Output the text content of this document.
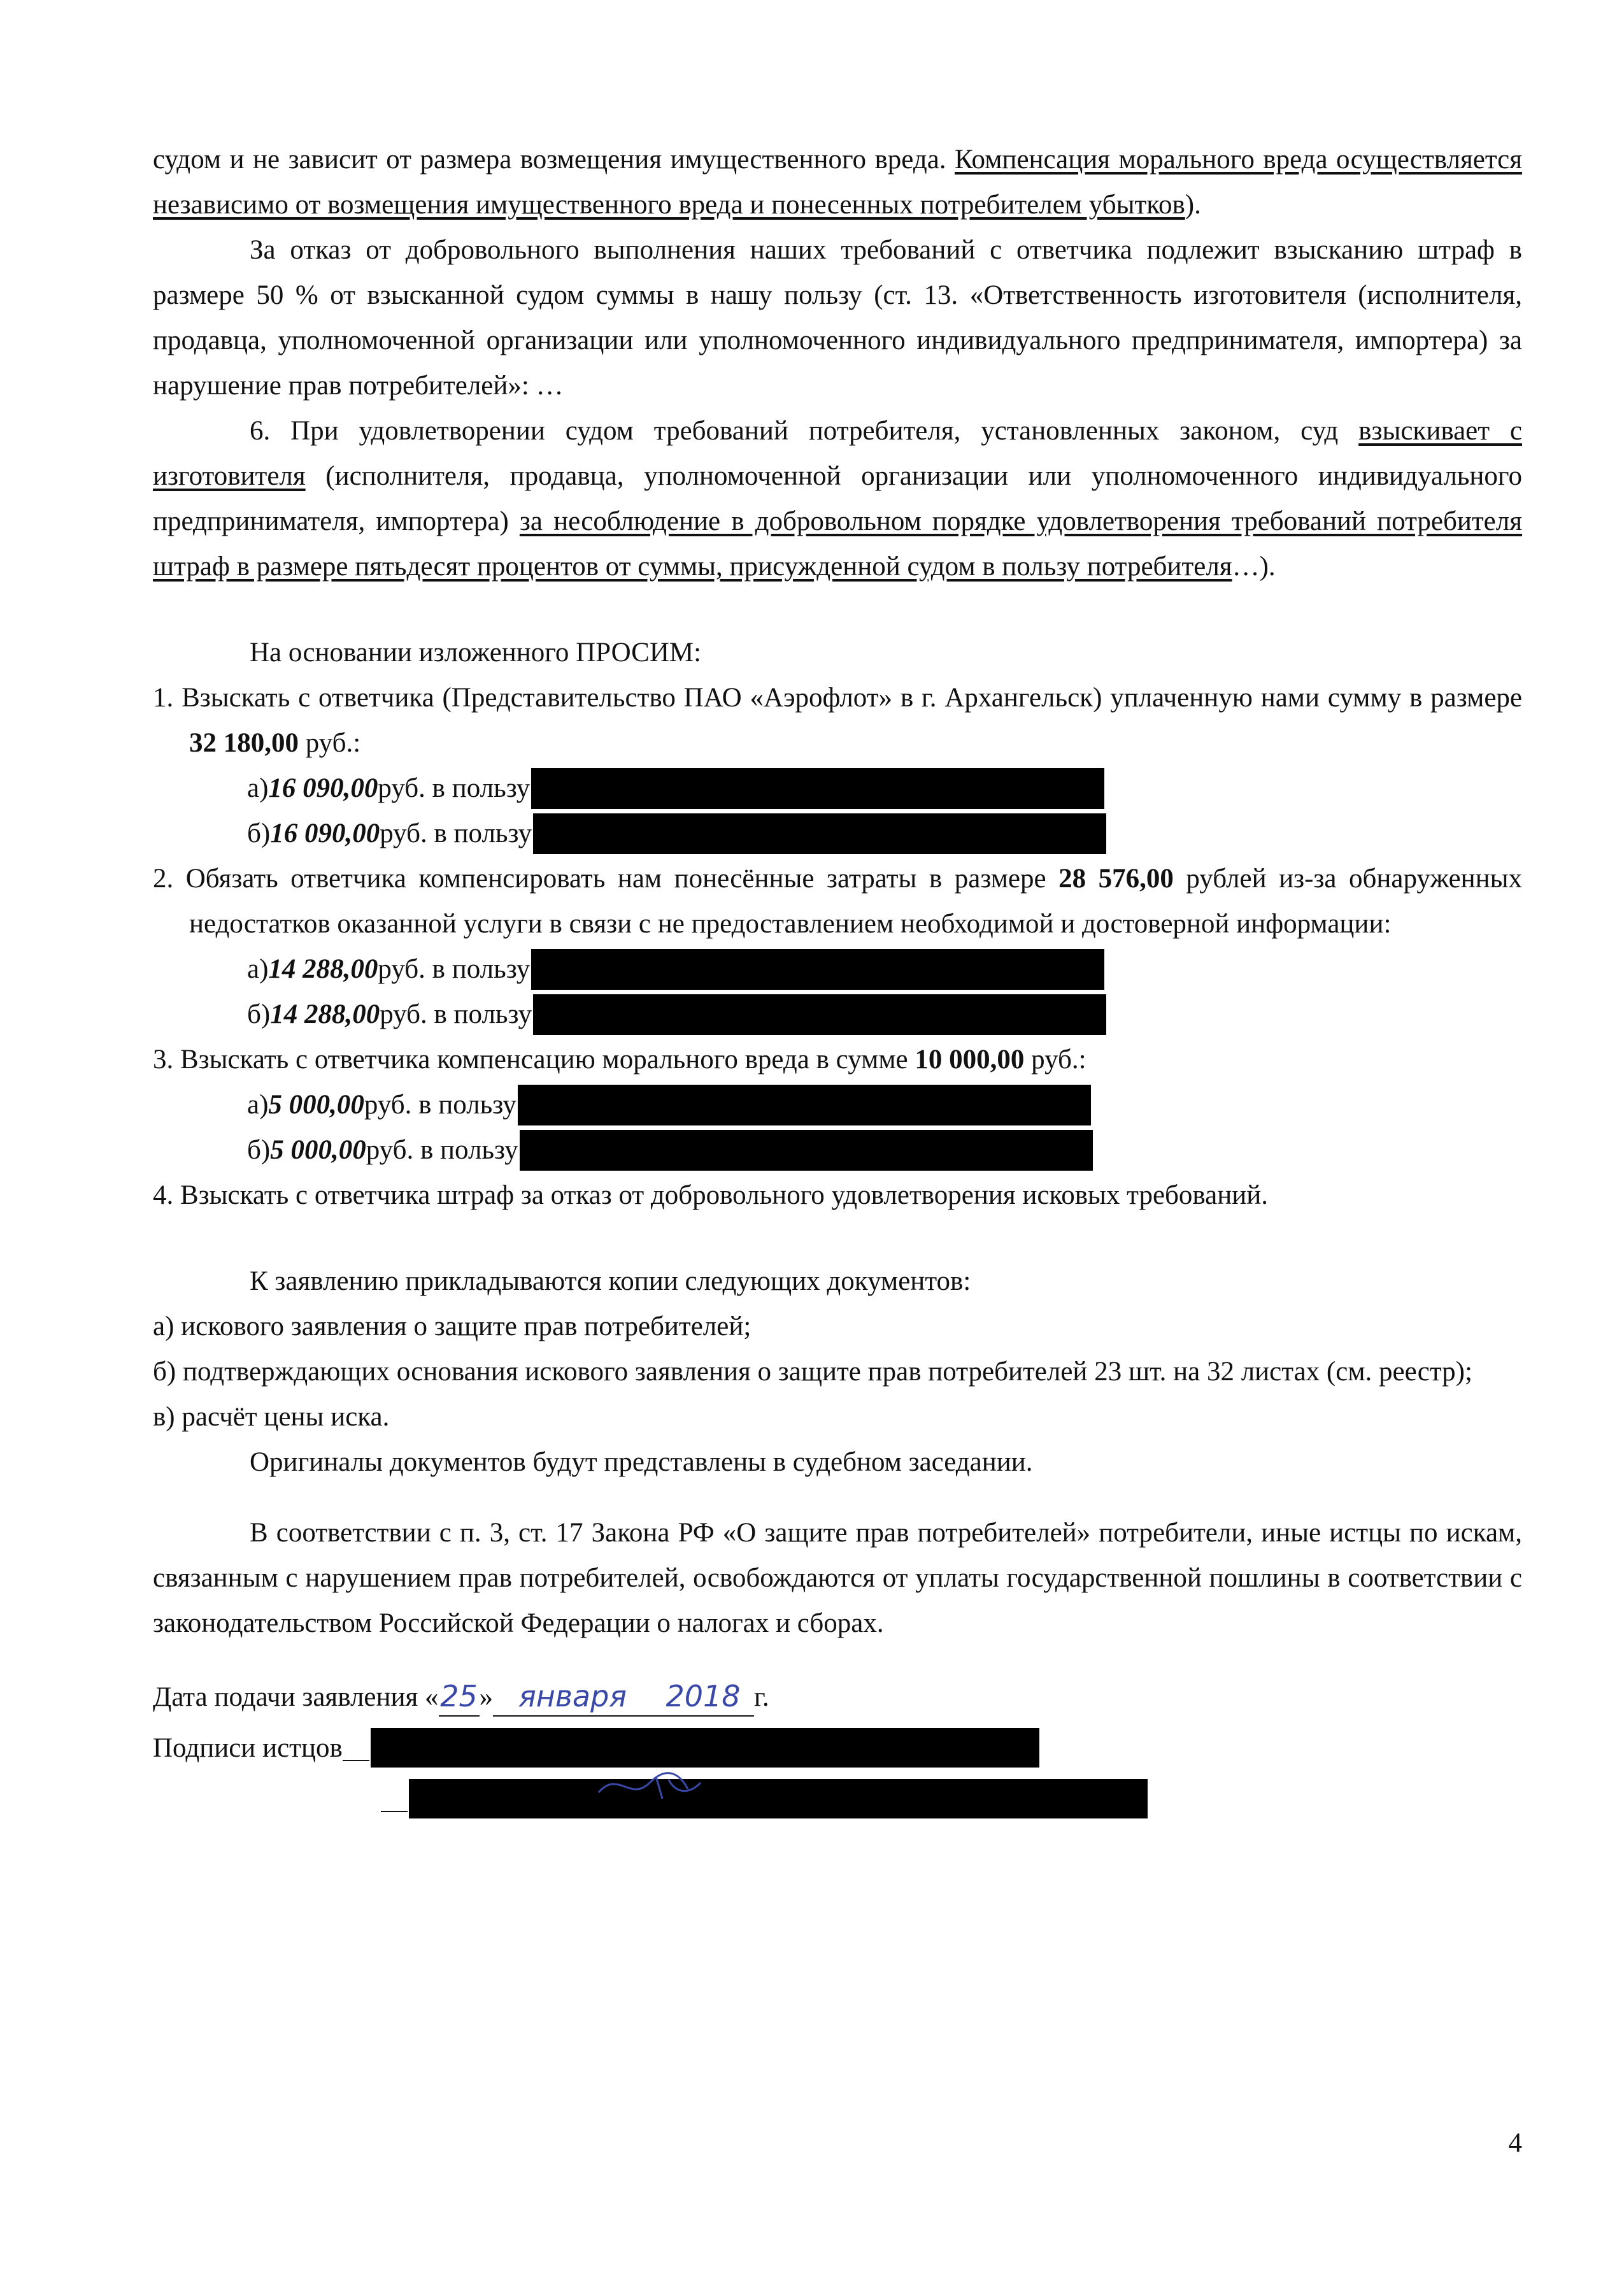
судом и не зависит от размера возмещения имущественного вреда. Компенсация морального вреда осуществляется независимо от возмещения имущественного вреда и понесенных потребителем убытков).

За отказ от добровольного выполнения наших требований с ответчика подлежит взысканию штраф в размере 50 % от взысканной судом суммы в нашу пользу (ст. 13. «Ответственность изготовителя (исполнителя, продавца, уполномоченной организации или уполномоченного индивидуального предпринимателя, импортера) за нарушение прав потребителей»: …

6. При удовлетворении судом требований потребителя, установленных законом, суд взыскивает с изготовителя (исполнителя, продавца, уполномоченной организации или уполномоченного индивидуального предпринимателя, импортера) за несоблюдение в добровольном порядке удовлетворения требований потребителя штраф в размере пятьдесят процентов от суммы, присужденной судом в пользу потребителя…).

На основании изложенного ПРОСИМ:

1. Взыскать с ответчика (Представительство ПАО «Аэрофлот» в г. Архангельск) уплаченную нами сумму в размере 32 180,00 руб.:

а) 16 090,00 руб. в пользу
б) 16 090,00 руб. в пользу

2. Обязать ответчика компенсировать нам понесённые затраты в размере 28 576,00 рублей из-за обнаруженных недостатков оказанной услуги в связи с не предоставлением необходимой и достоверной информации:

а) 14 288,00 руб. в пользу
б) 14 288,00 руб. в пользу

3. Взыскать с ответчика компенсацию морального вреда в сумме 10 000,00 руб.:

а) 5 000,00 руб. в пользу
б) 5 000,00 руб. в пользу

4. Взыскать с ответчика штраф за отказ от добровольного удовлетворения исковых требований.

К заявлению прикладываются копии следующих документов:

а) искового заявления о защите прав потребителей;

б) подтверждающих основания искового заявления о защите прав потребителей 23 шт. на 32 листах (см. реестр);

в) расчёт цены иска.

Оригиналы документов будут представлены в судебном заседании.

В соответствии с п. 3, ст. 17 Закона РФ «О защите прав потребителей» потребители, иные истцы по искам, связанным с нарушением прав потребителей, освобождаются от уплаты государственной пошлины в соответствии с законодательством Российской Федерации о налогах и сборах.

Дата подачи заявления « 25 » января	2018 г.
Подписи истцов
4
